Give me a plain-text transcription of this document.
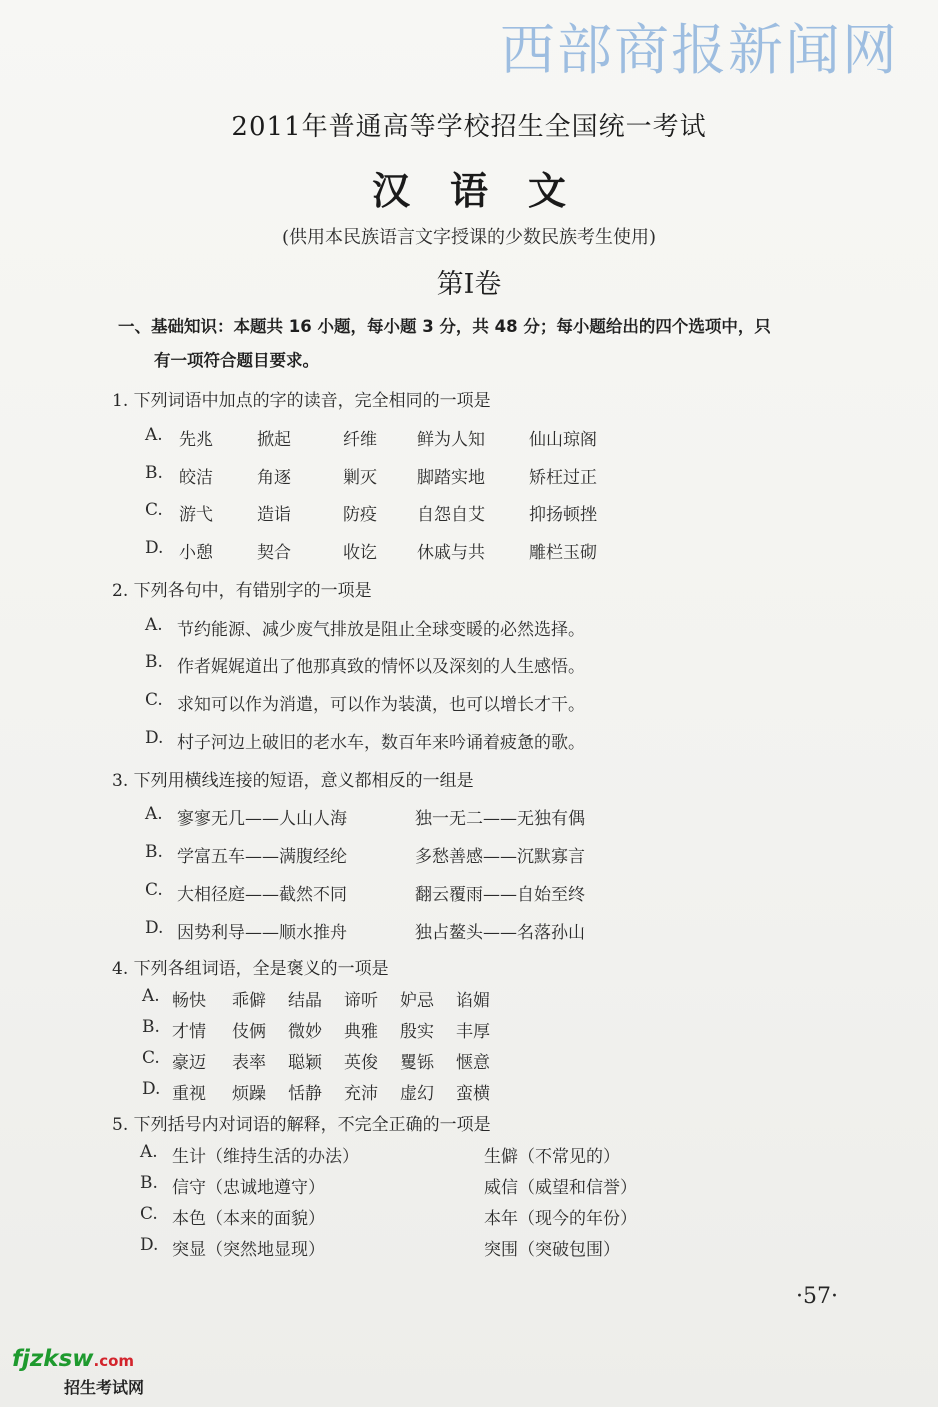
西部商报新闻网
2011年普通高等学校招生全国统一考试
汉语文
(供用本民族语言文字授课的少数民族考生使用)
第I卷
一、基础知识：本题共 16 小题，每小题 3 分，共 48 分；每小题给出的四个选项中，只
有一项符合题目要求。
1. 下列词语中加点的字的读音，完全相同的一项是
A. 先兆	掀起	纤维 鲜为人知	仙山琼阁
B. 皎洁	角逐	剿灭 脚踏实地	矫枉过正
C. 游弋	造诣	防疫 自怨自艾	抑扬顿挫
D. 小憩	契合	收讫 休戚与共	雕栏玉砌
2. 下列各句中，有错别字的一项是
A. 节约能源、减少废气排放是阻止全球变暖的必然选择。
B. 作者娓娓道出了他那真致的情怀以及深刻的人生感悟。
C. 求知可以作为消遣，可以作为装潢，也可以增长才干。
D. 村子河边上破旧的老水车，数百年来吟诵着疲惫的歌。
3. 下列用横线连接的短语，意义都相反的一组是
A. 寥寥无几——人山人海	独一无二——无独有偶
B. 学富五车——满腹经纶	多愁善感——沉默寡言
C. 大相径庭——截然不同	翻云覆雨——自始至终
D. 因势利导——顺水推舟	独占鳌头——名落孙山
4. 下列各组词语，全是褒义的一项是
A. 畅快 乖僻 结晶 谛听 妒忌 谄媚
B. 才情 伎俩 微妙 典雅 殷实 丰厚
C. 豪迈 表率 聪颖 英俊 矍铄 惬意
D. 重视 烦躁 恬静 充沛 虚幻 蛮横
5. 下列括号内对词语的解释，不完全正确的一项是
A. 生计（维持生活的办法）	生僻（不常见的）
B. 信守（忠诚地遵守）	威信（威望和信誉）
C. 本色（本来的面貌）	本年（现今的年份）
D. 突显（突然地显现）	突围（突破包围）
·57·
fjzksw.com
招生考试网
